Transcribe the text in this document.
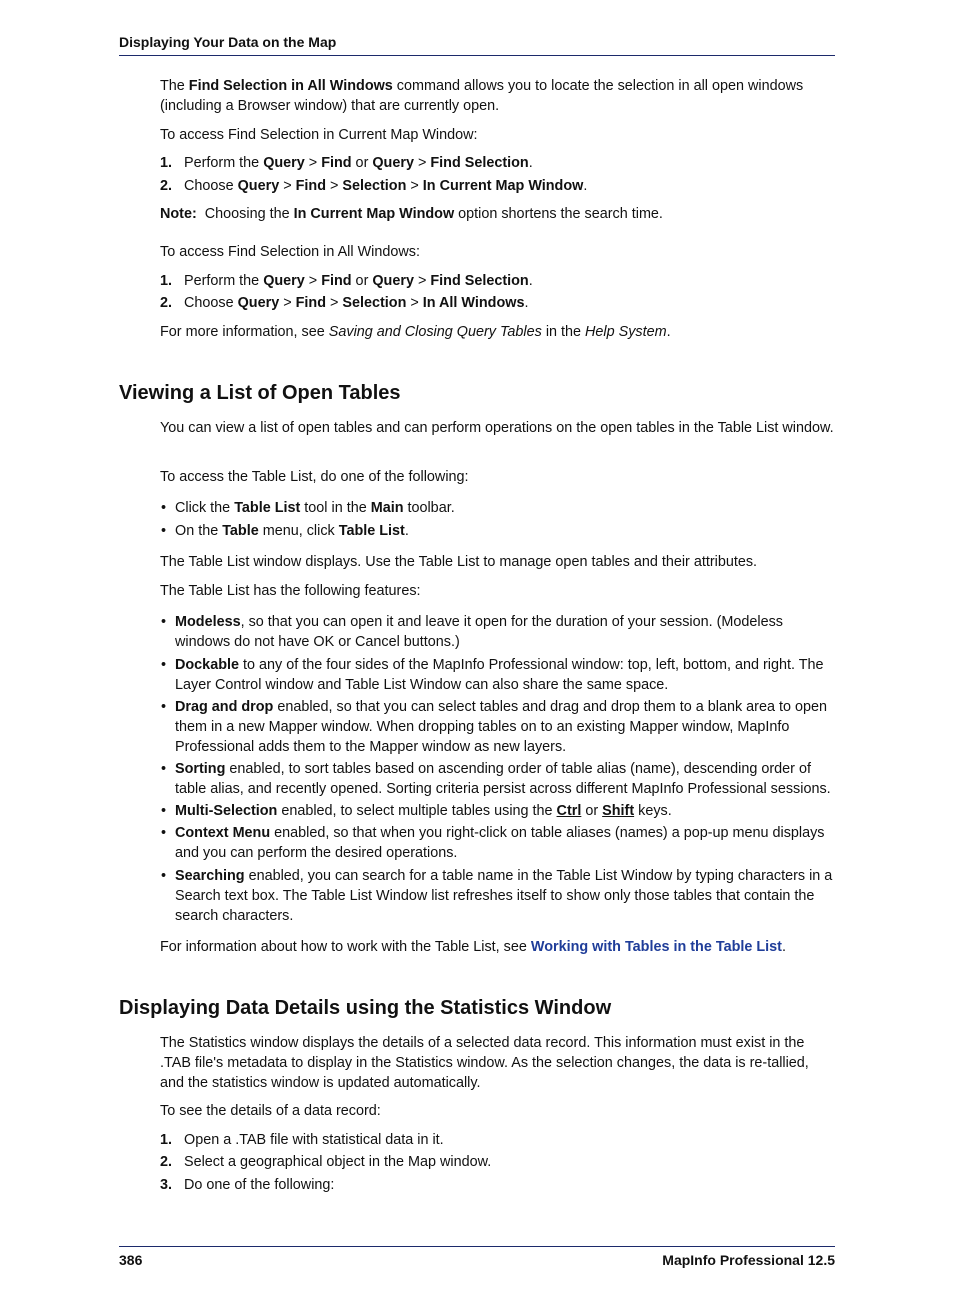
Displaying Your Data on the Map
The Find Selection in All Windows command allows you to locate the selection in all open windows (including a Browser window) that are currently open.
To access Find Selection in Current Map Window:
1. Perform the Query > Find or Query > Find Selection.
2. Choose Query > Find > Selection > In Current Map Window.
Note: Choosing the In Current Map Window option shortens the search time.
To access Find Selection in All Windows:
1. Perform the Query > Find or Query > Find Selection.
2. Choose Query > Find > Selection > In All Windows.
For more information, see Saving and Closing Query Tables in the Help System.
Viewing a List of Open Tables
You can view a list of open tables and can perform operations on the open tables in the Table List window.
To access the Table List, do one of the following:
• Click the Table List tool in the Main toolbar.
• On the Table menu, click Table List.
The Table List window displays. Use the Table List to manage open tables and their attributes.
The Table List has the following features:
• Modeless, so that you can open it and leave it open for the duration of your session. (Modeless windows do not have OK or Cancel buttons.)
• Dockable to any of the four sides of the MapInfo Professional window: top, left, bottom, and right. The Layer Control window and Table List Window can also share the same space.
• Drag and drop enabled, so that you can select tables and drag and drop them to a blank area to open them in a new Mapper window. When dropping tables on to an existing Mapper window, MapInfo Professional adds them to the Mapper window as new layers.
• Sorting enabled, to sort tables based on ascending order of table alias (name), descending order of table alias, and recently opened. Sorting criteria persist across different MapInfo Professional sessions.
• Multi-Selection enabled, to select multiple tables using the Ctrl or Shift keys.
• Context Menu enabled, so that when you right-click on table aliases (names) a pop-up menu displays and you can perform the desired operations.
• Searching enabled, you can search for a table name in the Table List Window by typing characters in a Search text box. The Table List Window list refreshes itself to show only those tables that contain the search characters.
For information about how to work with the Table List, see Working with Tables in the Table List.
Displaying Data Details using the Statistics Window
The Statistics window displays the details of a selected data record. This information must exist in the .TAB file's metadata to display in the Statistics window. As the selection changes, the data is re-tallied, and the statistics window is updated automatically.
To see the details of a data record:
1. Open a .TAB file with statistical data in it.
2. Select a geographical object in the Map window.
3. Do one of the following:
386	MapInfo Professional 12.5
